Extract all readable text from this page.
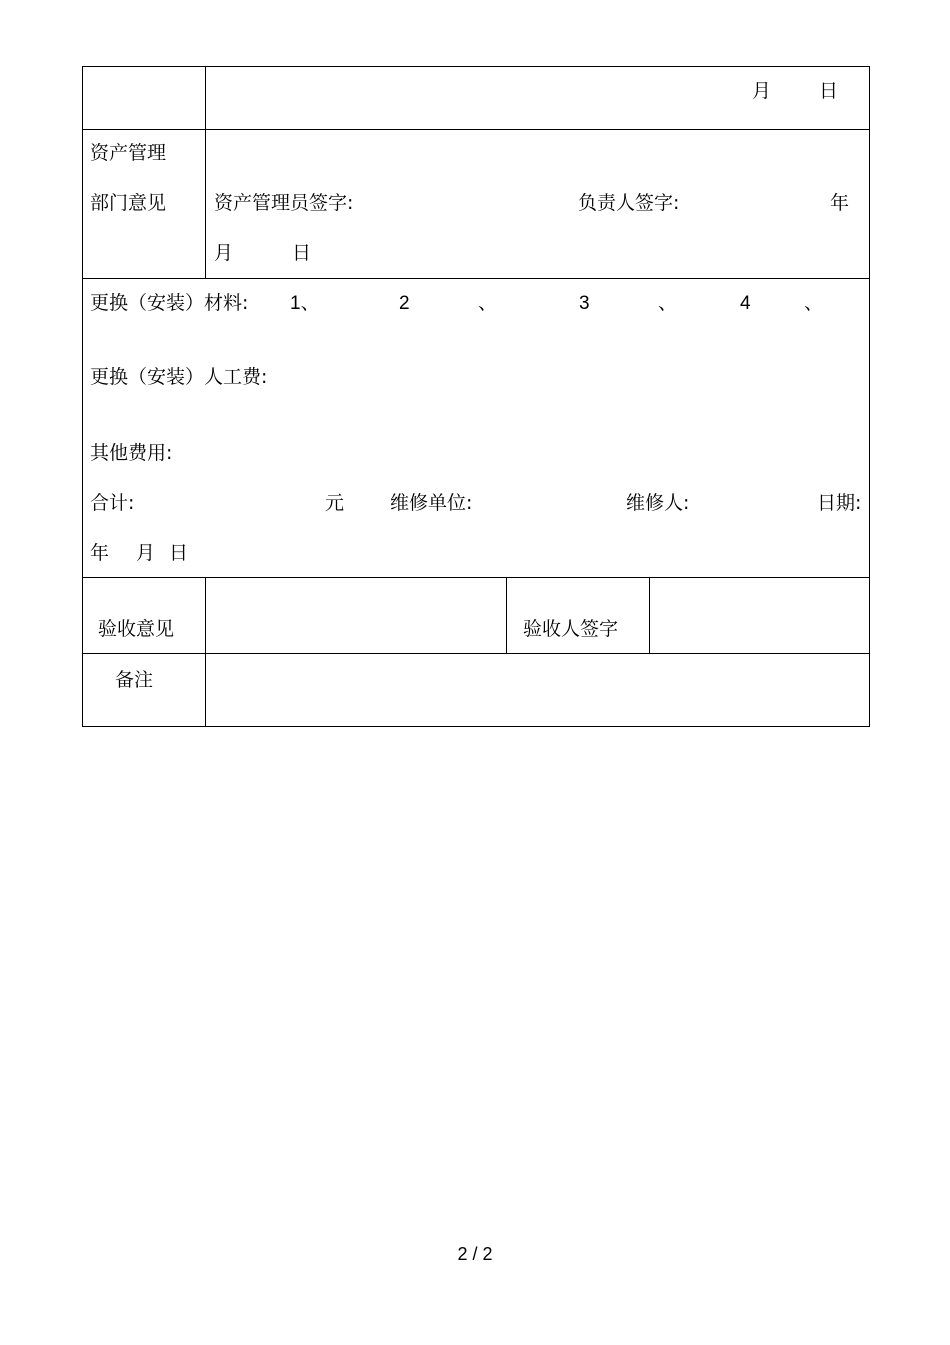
月	日
资产管理
部门意见	资产管理员签字:	负责人签字:	年
月	日
更换（安装）材料: 1、	2	、	3	、	4	、
更换（安装）人工费:
其他费用:
合计:	元 维修单位:	维修人:	日期:
年 月 日
验收意见	验收人签字
备注
2 / 2
